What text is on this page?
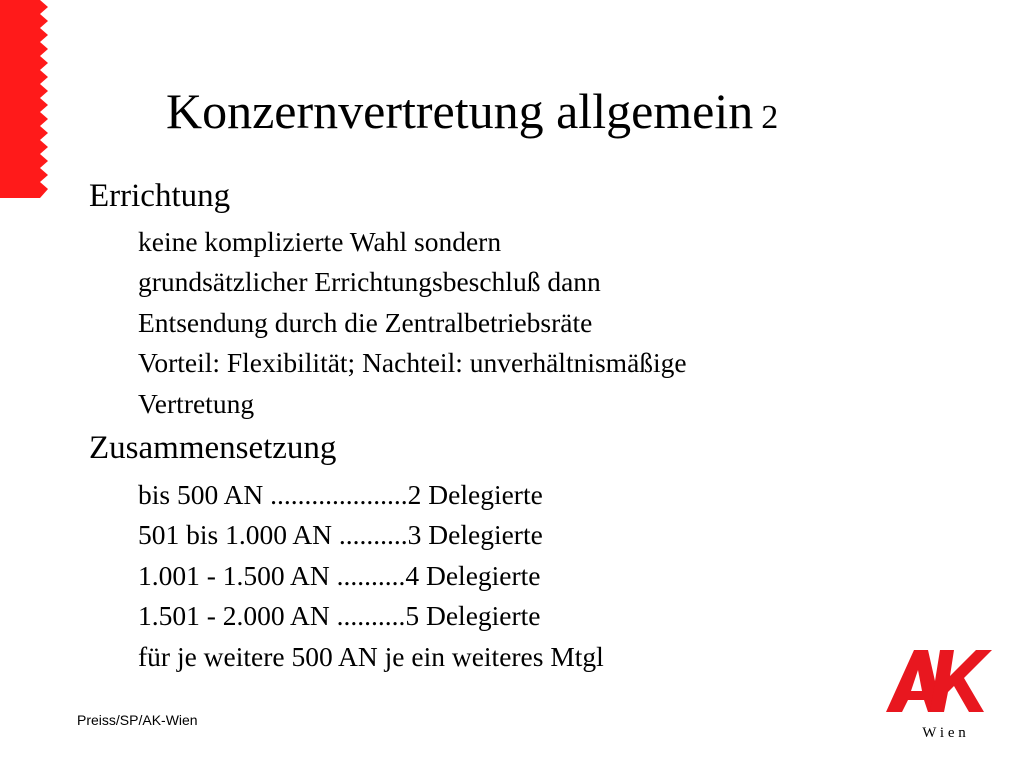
Konzernvertretung allgemein 2
Errichtung
keine komplizierte Wahl sondern
grundsätzlicher Errichtungsbeschluß dann
Entsendung durch die Zentralbetriebsräte
Vorteil: Flexibilität; Nachteil: unverhältnismäßige
Vertretung
Zusammensetzung
bis 500 AN ....................2 Delegierte
501 bis 1.000 AN ..........3 Delegierte
1.001 - 1.500 AN ..........4 Delegierte
1.501 - 2.000 AN ..........5 Delegierte
für je weitere 500 AN je ein weiteres Mtgl
Preiss/SP/AK-Wien
W i e n
